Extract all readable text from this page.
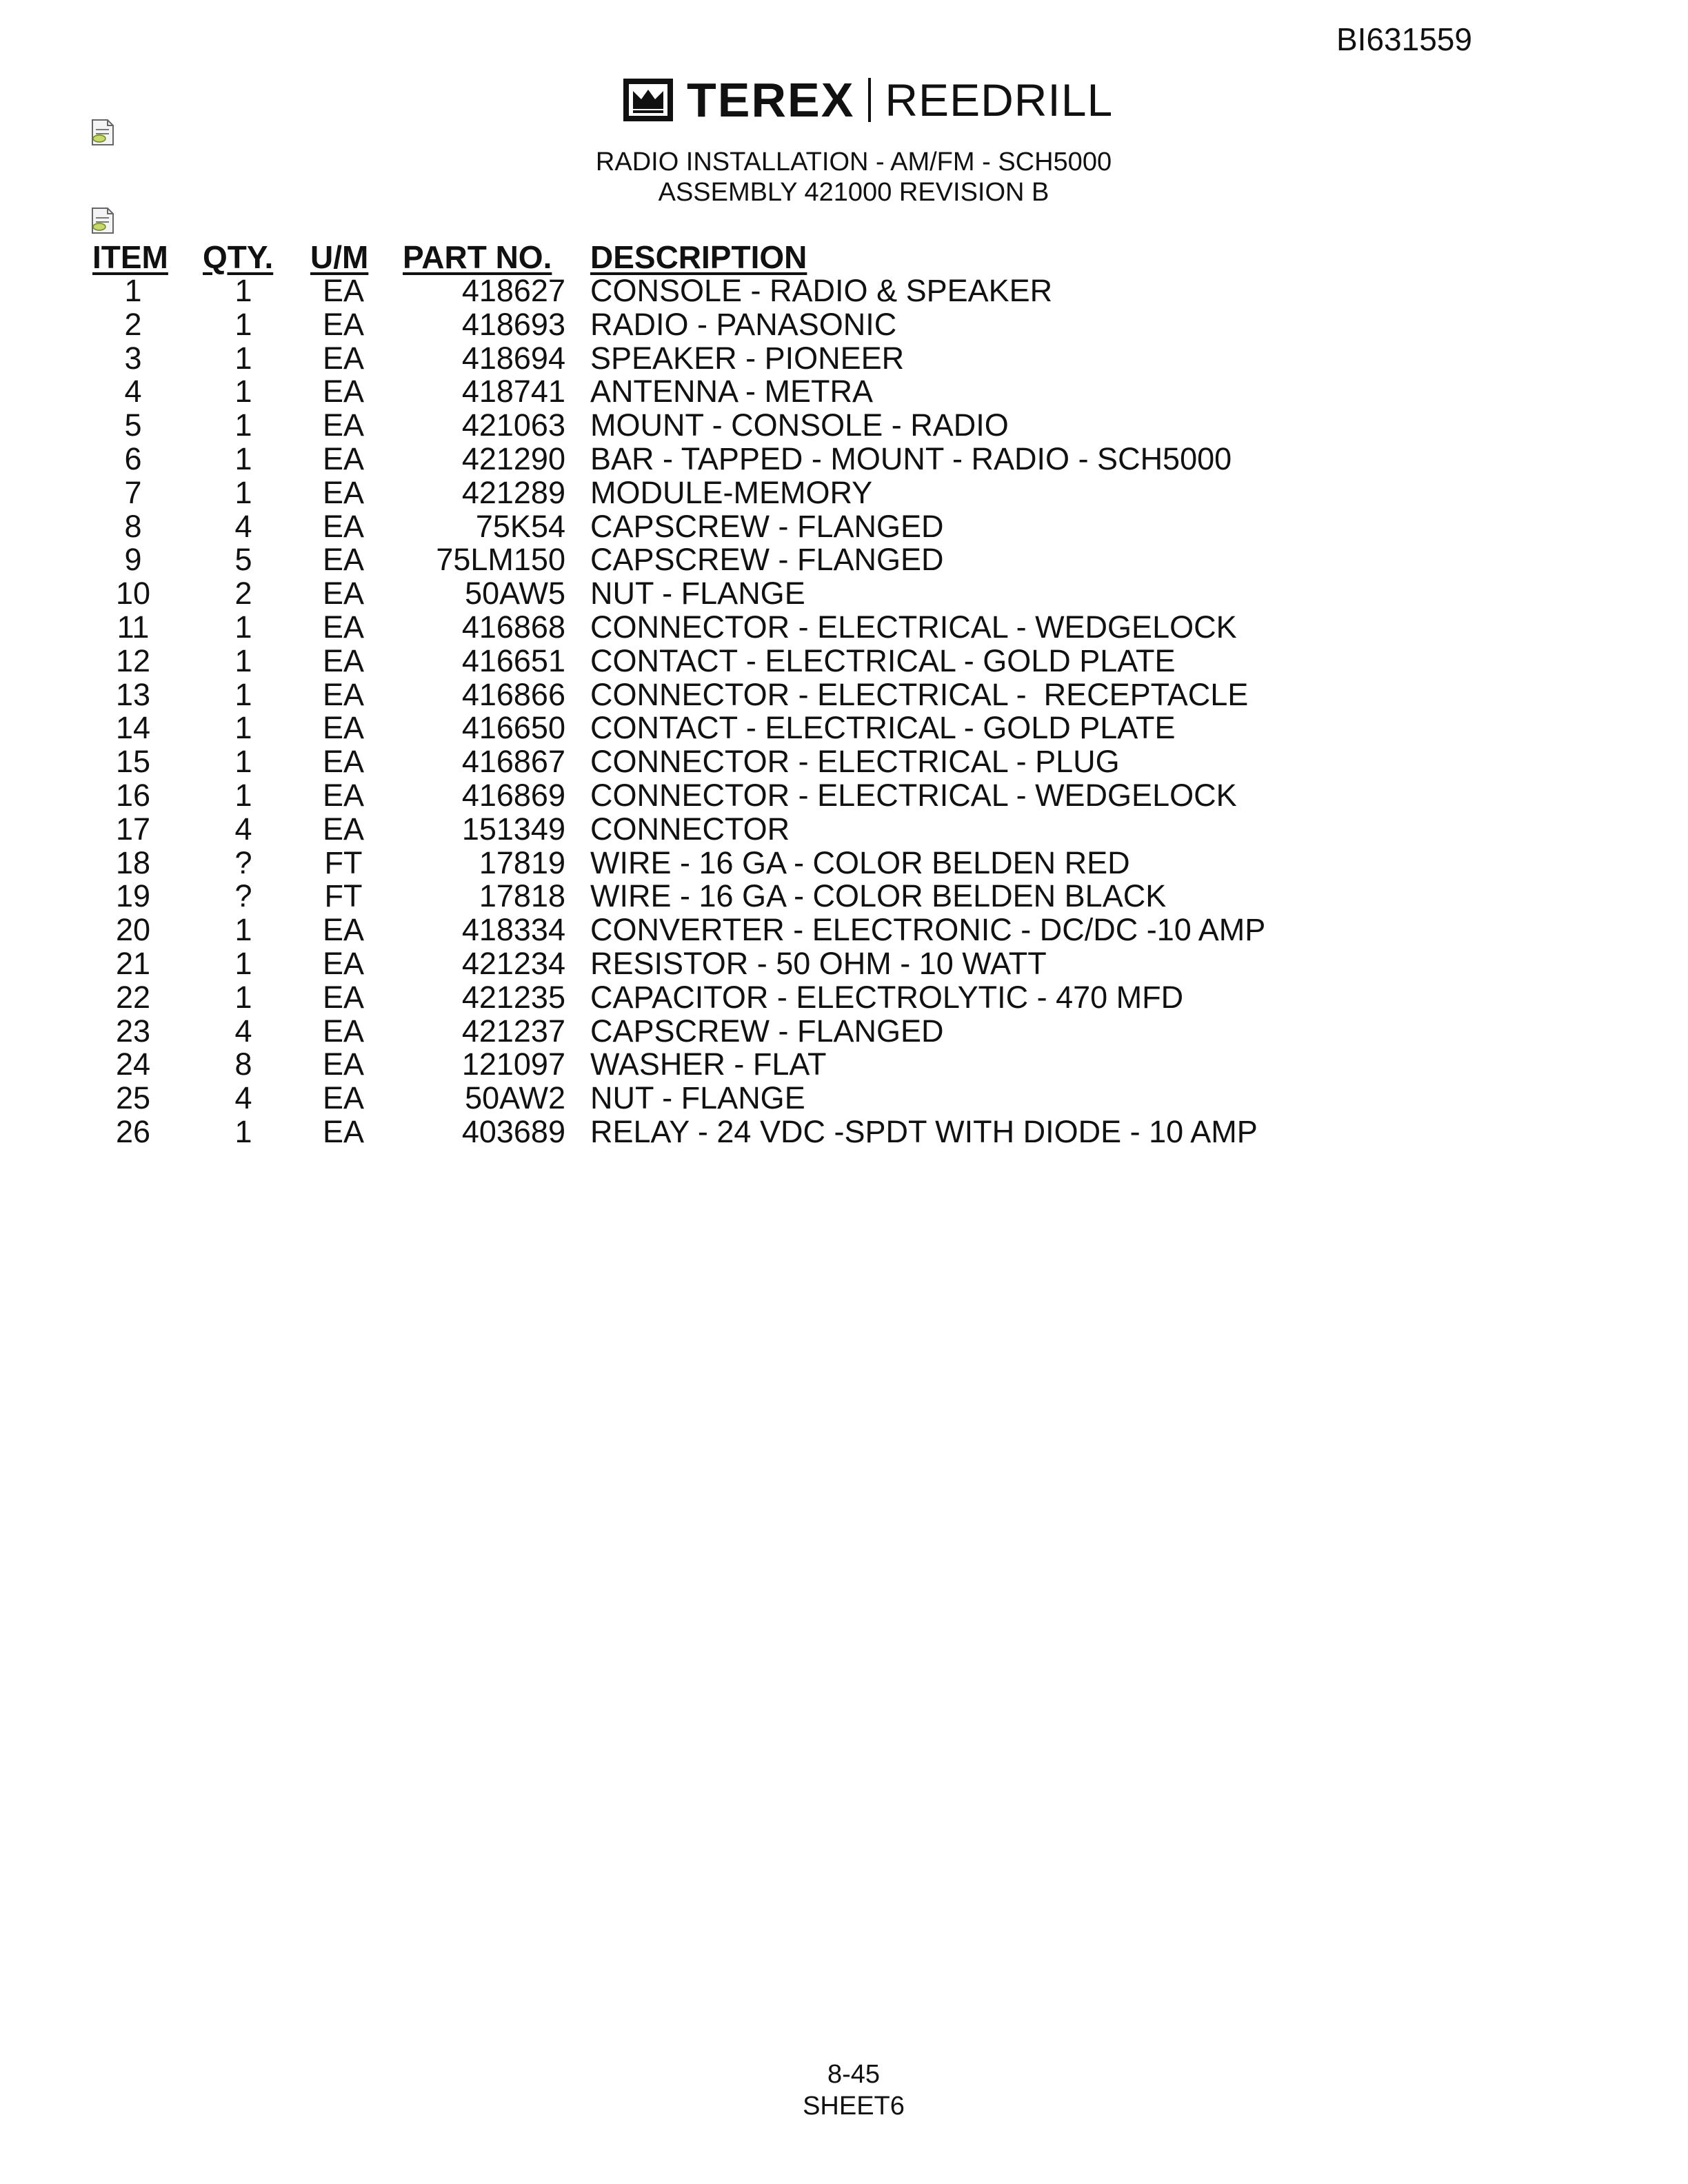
BI631559
TEREX REEDRILL
RADIO INSTALLATION - AM/FM - SCH5000
ASSEMBLY 421000 REVISION B
ITEM QTY. U/M PART NO. DESCRIPTION
1	1	EA	418627 CONSOLE - RADIO & SPEAKER
2	1	EA	418693 RADIO - PANASONIC
3	1	EA	418694 SPEAKER - PIONEER
4	1	EA	418741 ANTENNA - METRA
5	1	EA	421063 MOUNT - CONSOLE - RADIO
6	1	EA	421290 BAR - TAPPED - MOUNT - RADIO - SCH5000
7	1	EA	421289 MODULE-MEMORY
8	4	EA	75K54 CAPSCREW - FLANGED
9	5	EA	75LM150 CAPSCREW - FLANGED
10	2	EA	50AW5 NUT - FLANGE
11	1	EA	416868 CONNECTOR - ELECTRICAL - WEDGELOCK
12	1	EA	416651 CONTACT - ELECTRICAL - GOLD PLATE
13	1	EA	416866 CONNECTOR - ELECTRICAL -  RECEPTACLE
14	1	EA	416650 CONTACT - ELECTRICAL - GOLD PLATE
15	1	EA	416867 CONNECTOR - ELECTRICAL - PLUG
16	1	EA	416869 CONNECTOR - ELECTRICAL - WEDGELOCK
17	4	EA	151349 CONNECTOR
18	?	FT	17819 WIRE - 16 GA - COLOR BELDEN RED
19	?	FT	17818 WIRE - 16 GA - COLOR BELDEN BLACK
20	1	EA	418334 CONVERTER - ELECTRONIC - DC/DC -10 AMP
21	1	EA	421234 RESISTOR - 50 OHM - 10 WATT
22	1	EA	421235 CAPACITOR - ELECTROLYTIC - 470 MFD
23	4	EA	421237 CAPSCREW - FLANGED
24	8	EA	121097 WASHER - FLAT
25	4	EA	50AW2 NUT - FLANGE
26	1	EA	403689 RELAY - 24 VDC -SPDT WITH DIODE - 10 AMP
8-45
SHEET6
